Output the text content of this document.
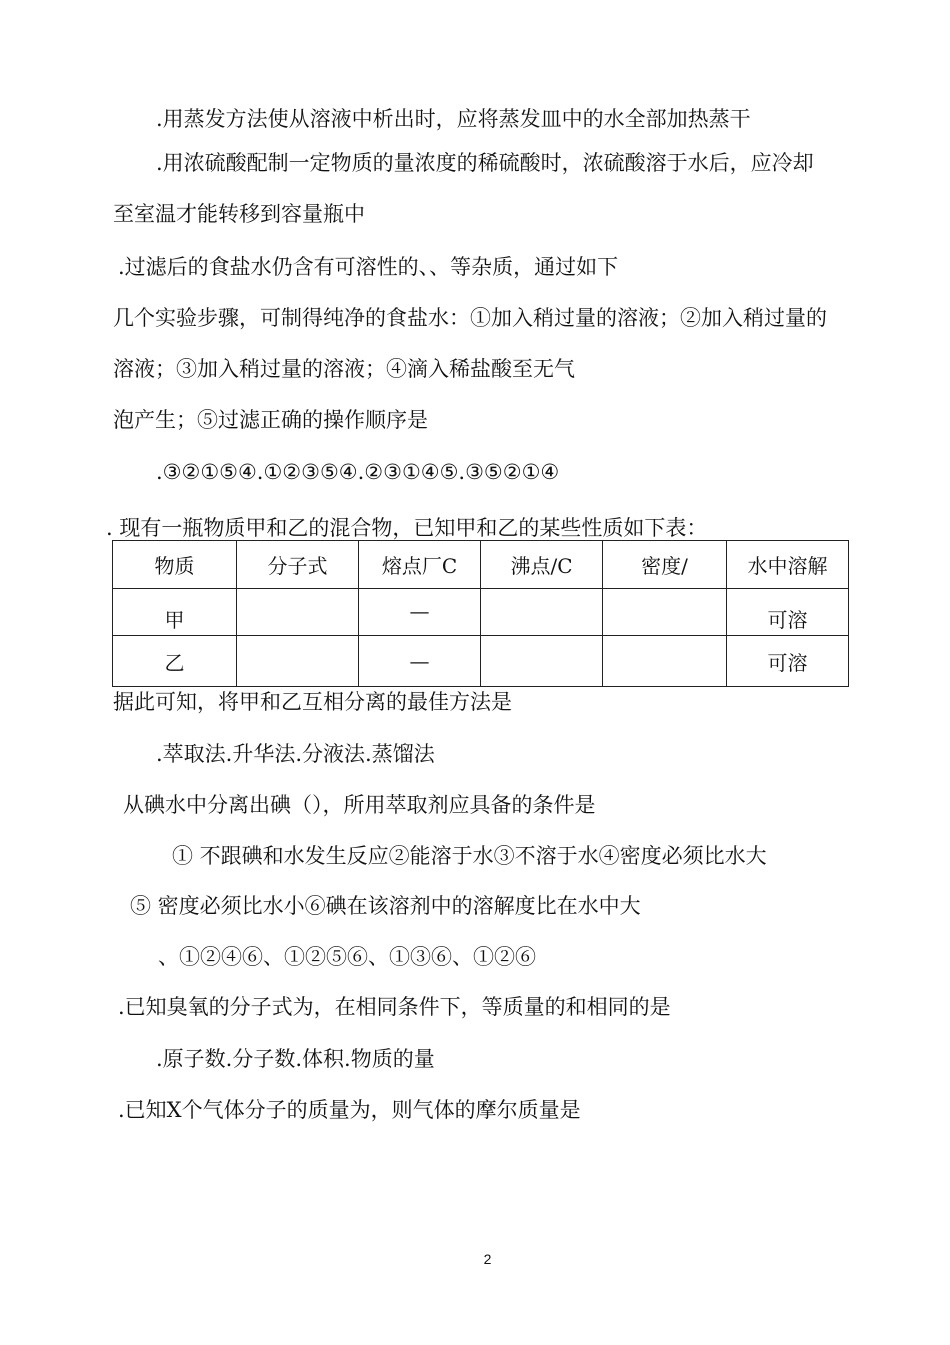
.用蒸发方法使从溶液中析出时，应将蒸发皿中的水全部加热蒸干
.用浓硫酸配制一定物质的量浓度的稀硫酸时，浓硫酸溶于水后，应冷却
至室温才能转移到容量瓶中
.过滤后的食盐水仍含有可溶性的、、等杂质，通过如下
几个实验步骤，可制得纯净的食盐水：①加入稍过量的溶液；②加入稍过量的
溶液；③加入稍过量的溶液；④滴入稀盐酸至无气
泡产生；⑤过滤正确的操作顺序是
.③②①⑤④.①②③⑤④.②③①④⑤.③⑤②①④
. 现有一瓶物质甲和乙的混合物，已知甲和乙的某些性质如下表：
物质	分子式	熔点厂C	沸点/C	密度/	水中溶解
甲		—			可溶
乙		—			可溶
据此可知，将甲和乙互相分离的最佳方法是
.萃取法.升华法.分液法.蒸馏法
从碘水中分离出碘（），所用萃取剂应具备的条件是
① 不跟碘和水发生反应②能溶于水③不溶于水④密度必须比水大
⑤ 密度必须比水小⑥碘在该溶剂中的溶解度比在水中大
、①②④⑥、①②⑤⑥、①③⑥、①②⑥
.已知臭氧的分子式为，在相同条件下，等质量的和相同的是
.原子数.分子数.体积.物质的量
.已知X个气体分子的质量为，则气体的摩尔质量是
2
